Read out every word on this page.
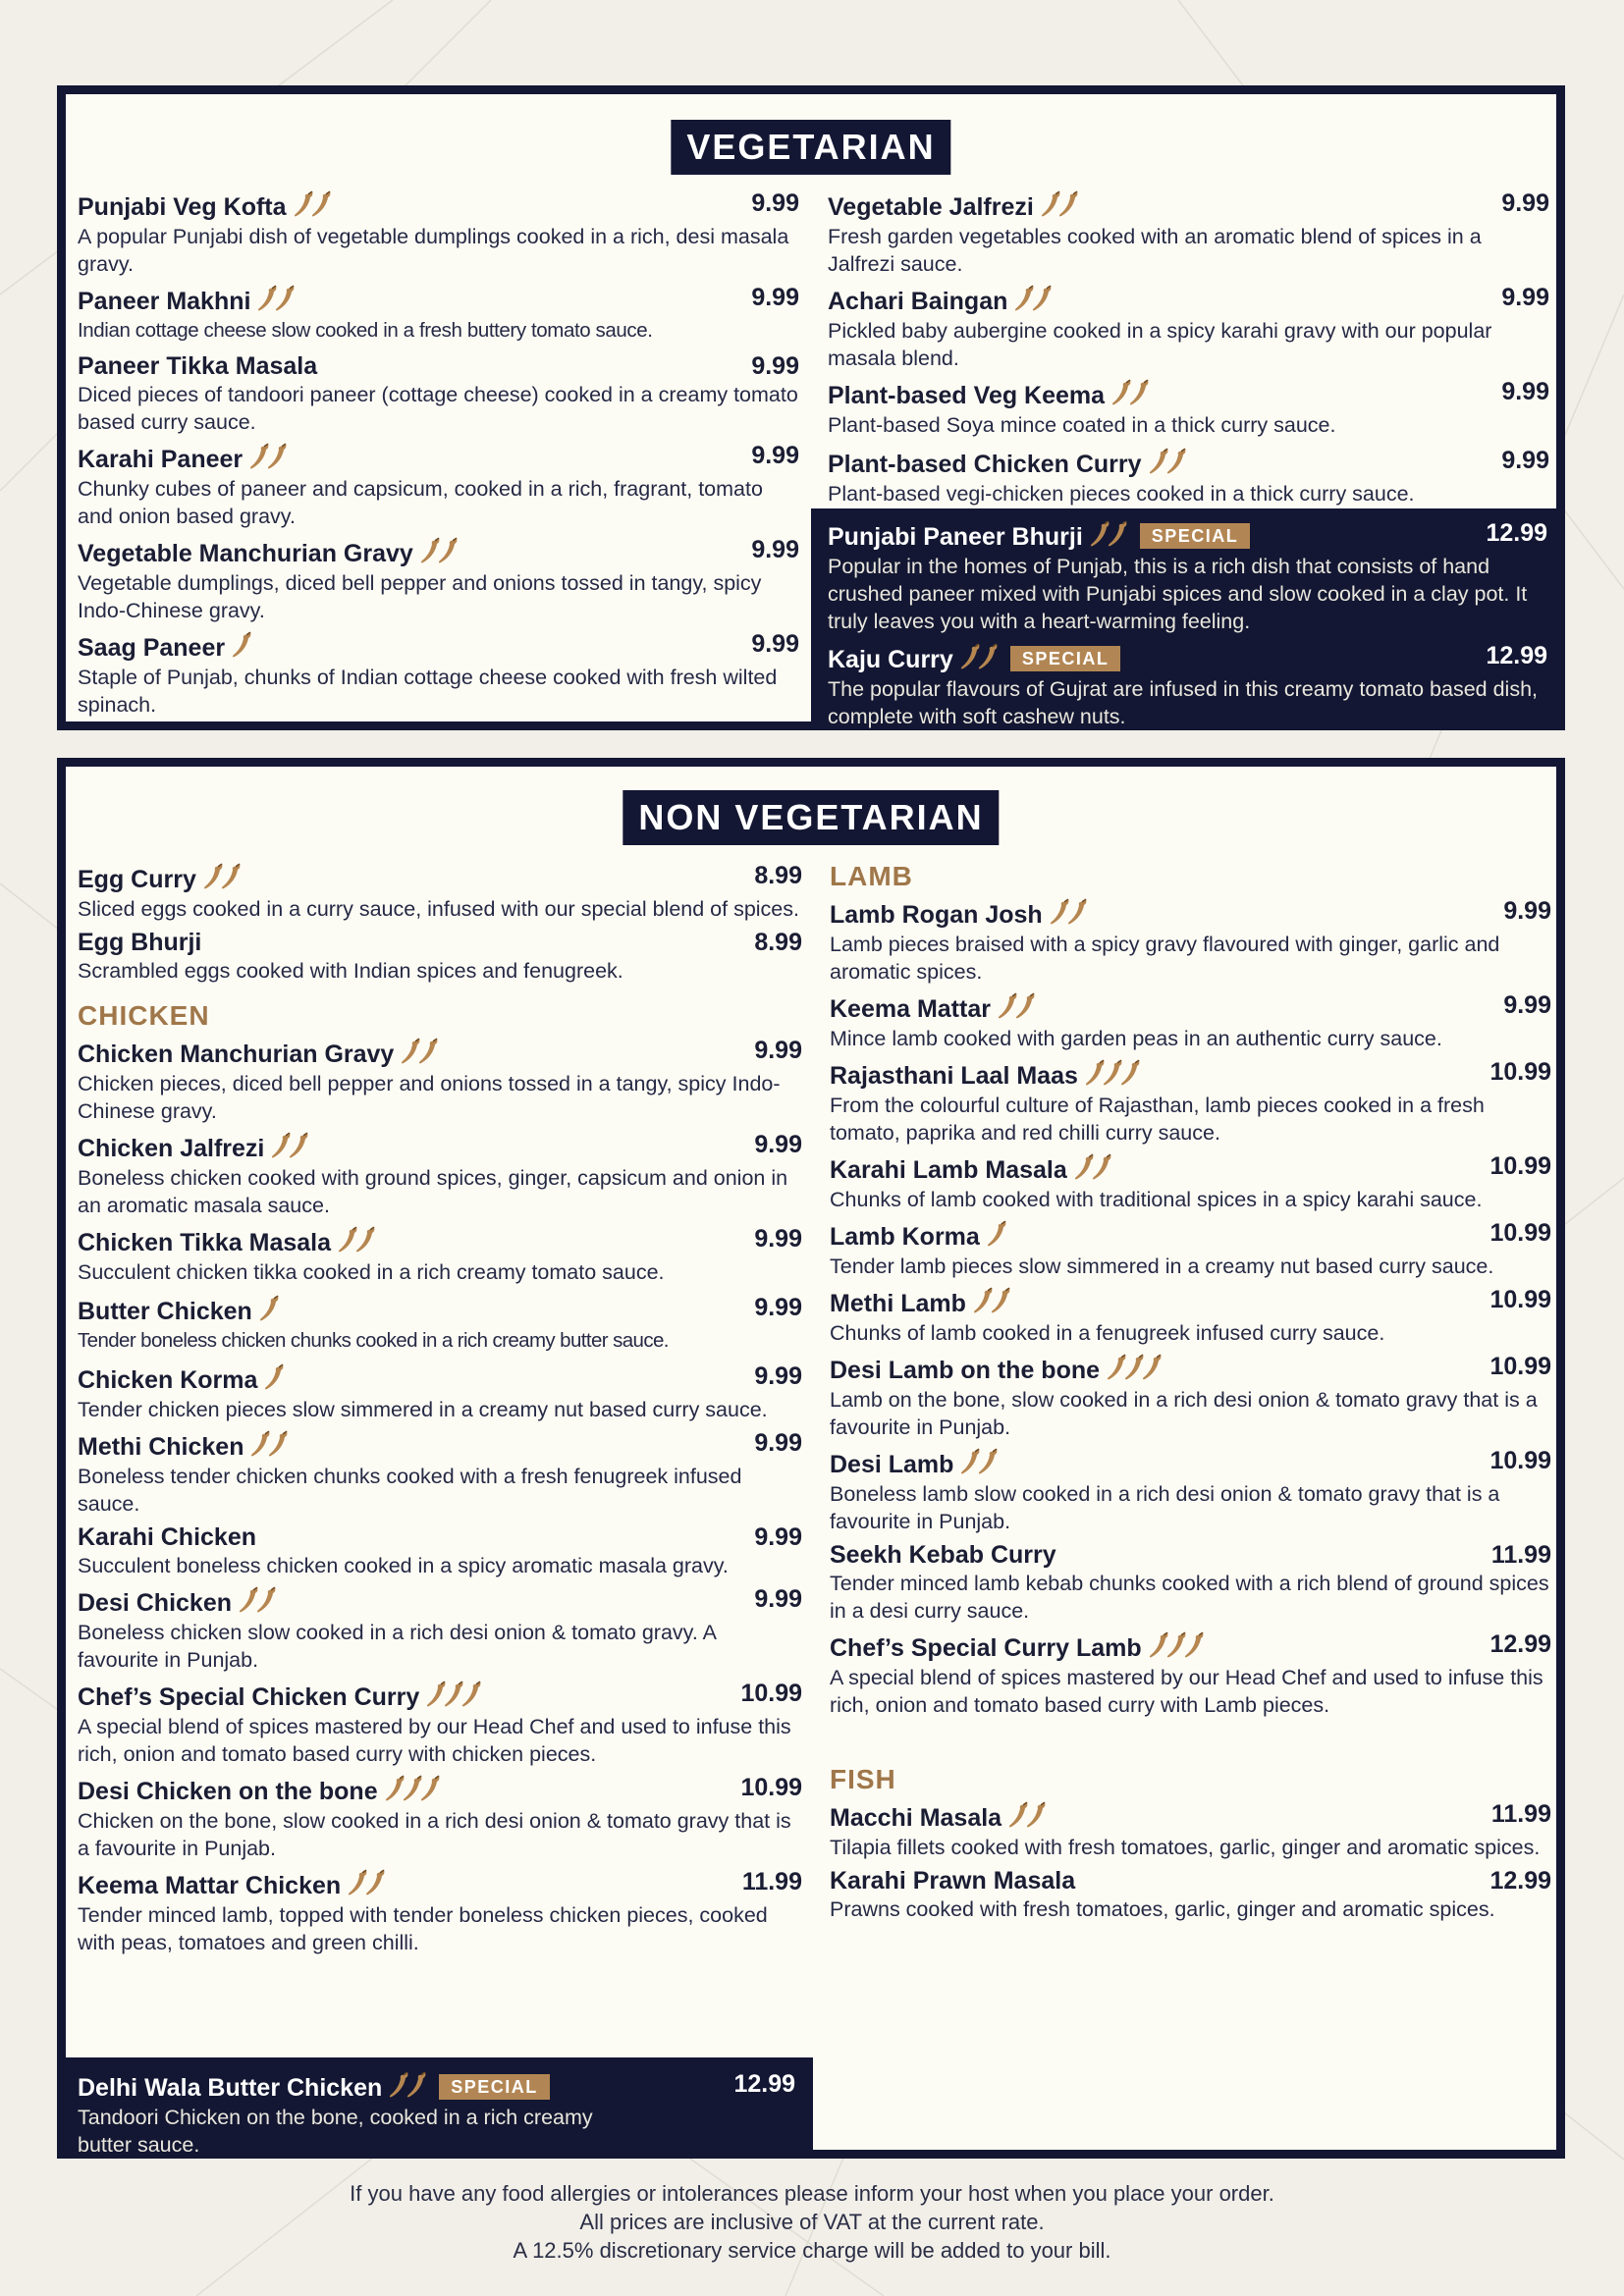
VEGETARIAN
Punjabi Veg Kofta	9.99
A popular Punjabi dish of vegetable dumplings cooked in a rich, desi masala gravy.
Paneer Makhni	9.99
Indian cottage cheese slow cooked in a fresh buttery tomato sauce.
Paneer Tikka Masala	9.99
Diced pieces of tandoori paneer (cottage cheese) cooked in a creamy tomato based curry sauce.
Karahi Paneer	9.99
Chunky cubes of paneer and capsicum, cooked in a rich, fragrant, tomato and onion based gravy.
Vegetable Manchurian Gravy	9.99
Vegetable dumplings, diced bell pepper and onions tossed in tangy, spicy Indo-Chinese gravy.
Saag Paneer	9.99
Staple of Punjab, chunks of Indian cottage cheese cooked with fresh wilted spinach.
Vegetable Jalfrezi	9.99
Fresh garden vegetables cooked with an aromatic blend of spices in a Jalfrezi sauce.
Achari Baingan	9.99
Pickled baby aubergine cooked in a spicy karahi gravy with our popular masala blend.
Plant-based Veg Keema	9.99
Plant-based Soya mince coated in a thick curry sauce.
Plant-based Chicken Curry	9.99
Plant-based vegi-chicken pieces cooked in a thick curry sauce.
Punjabi Paneer Bhurji	SPECIAL	12.99
Popular in the homes of Punjab, this is a rich dish that consists of hand crushed paneer mixed with Punjabi spices and slow cooked in a clay pot. It truly leaves you with a heart-warming feeling.
Kaju Curry	SPECIAL	12.99
The popular flavours of Gujrat are infused in this creamy tomato based dish, complete with soft cashew nuts.
NON VEGETARIAN
Egg Curry	8.99
Sliced eggs cooked in a curry sauce, infused with our special blend of spices.
Egg Bhurji	8.99
Scrambled eggs cooked with Indian spices and fenugreek.
CHICKEN
Chicken Manchurian Gravy	9.99
Chicken pieces, diced bell pepper and onions tossed in a tangy, spicy Indo-Chinese gravy.
Chicken Jalfrezi	9.99
Boneless chicken cooked with ground spices, ginger, capsicum and onion in an aromatic masala sauce.
Chicken Tikka Masala	9.99
Succulent chicken tikka cooked in a rich creamy tomato sauce.
Butter Chicken	9.99
Tender boneless chicken chunks cooked in a rich creamy butter sauce.
Chicken Korma	9.99
Tender chicken pieces slow simmered in a creamy nut based curry sauce.
Methi Chicken	9.99
Boneless tender chicken chunks cooked with a fresh fenugreek infused sauce.
Karahi Chicken	9.99
Succulent boneless chicken cooked in a spicy aromatic masala gravy.
Desi Chicken	9.99
Boneless chicken slow cooked in a rich desi onion & tomato gravy. A favourite in Punjab.
Chef’s Special Chicken Curry	10.99
A special blend of spices mastered by our Head Chef and used to infuse this rich, onion and tomato based curry with chicken pieces.
Desi Chicken on the bone	10.99
Chicken on the bone, slow cooked in a rich desi onion & tomato gravy that is a favourite in Punjab.
Keema Mattar Chicken	11.99
Tender minced lamb, topped with tender boneless chicken pieces, cooked with peas, tomatoes and green chilli.
Delhi Wala Butter Chicken	SPECIAL	12.99
Tandoori Chicken on the bone, cooked in a rich creamy butter sauce.
LAMB
Lamb Rogan Josh	9.99
Lamb pieces braised with a spicy gravy flavoured with ginger, garlic and aromatic spices.
Keema Mattar	9.99
Mince lamb cooked with garden peas in an authentic curry sauce.
Rajasthani Laal Maas	10.99
From the colourful culture of Rajasthan, lamb pieces cooked in a fresh tomato, paprika and red chilli curry sauce.
Karahi Lamb Masala	10.99
Chunks of lamb cooked with traditional spices in a spicy karahi sauce.
Lamb Korma	10.99
Tender lamb pieces slow simmered in a creamy nut based curry sauce.
Methi Lamb	10.99
Chunks of lamb cooked in a fenugreek infused curry sauce.
Desi Lamb on the bone	10.99
Lamb on the bone, slow cooked in a rich desi onion & tomato gravy that is a favourite in Punjab.
Desi Lamb	10.99
Boneless lamb slow cooked in a rich desi onion & tomato gravy that is a favourite in Punjab.
Seekh Kebab Curry	11.99
Tender minced lamb kebab chunks cooked with a rich blend of ground spices in a desi curry sauce.
Chef’s Special Curry Lamb	12.99
A special blend of spices mastered by our Head Chef and used to infuse this rich, onion and tomato based curry with Lamb pieces.
FISH
Macchi Masala	11.99
Tilapia fillets cooked with fresh tomatoes, garlic, ginger and aromatic spices.
Karahi Prawn Masala	12.99
Prawns cooked with fresh tomatoes, garlic, ginger and aromatic spices.
If you have any food allergies or intolerances please inform your host when you place your order.
All prices are inclusive of VAT at the current rate.
A 12.5% discretionary service charge will be added to your bill.
